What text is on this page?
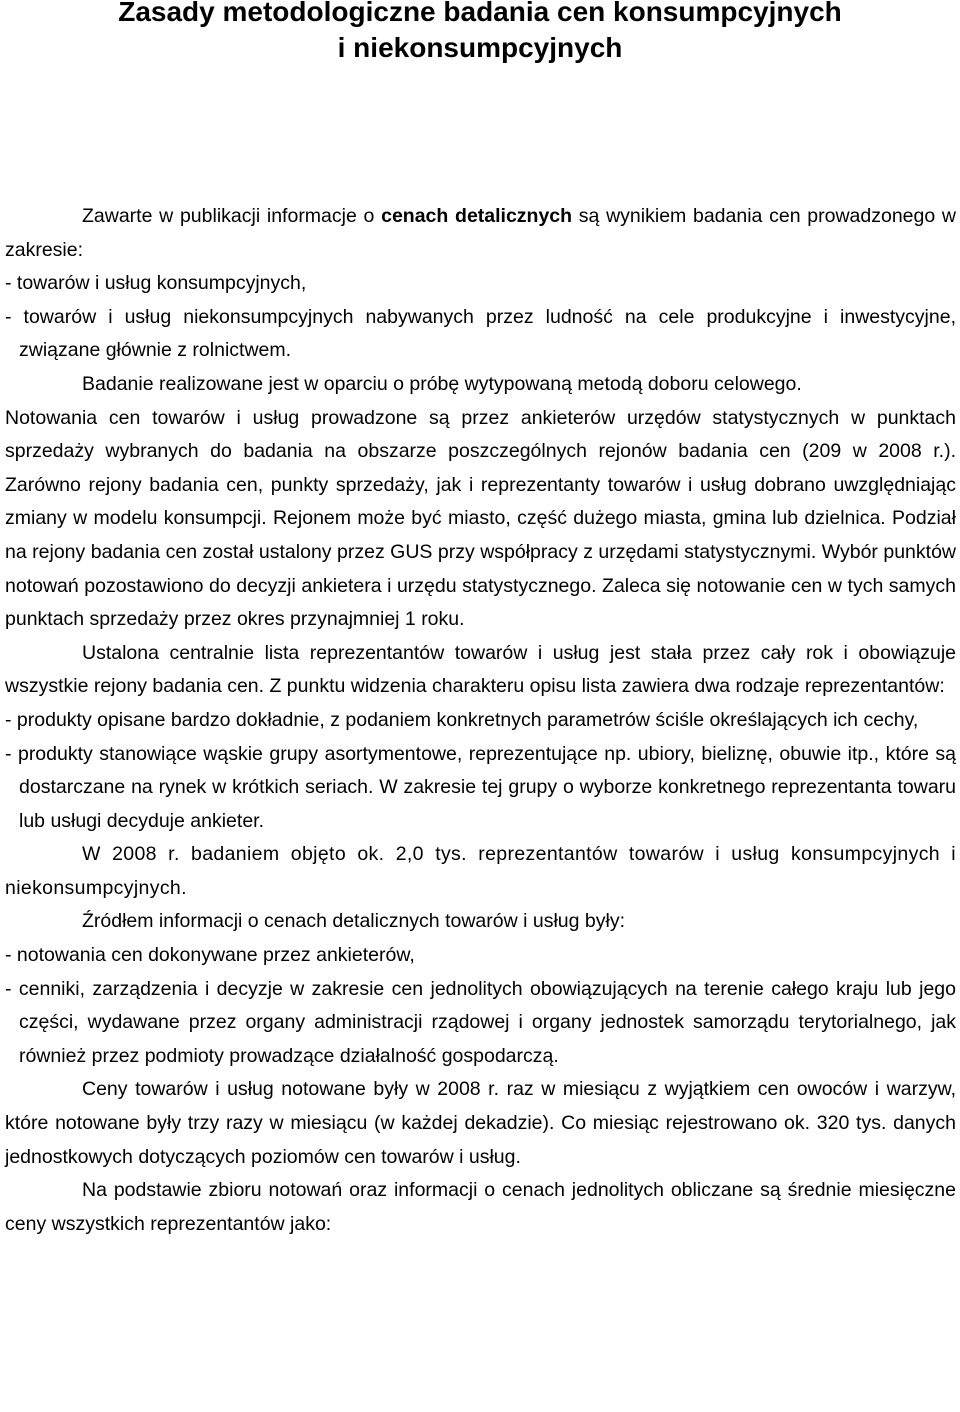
Zasady metodologiczne badania cen konsumpcyjnych
i niekonsumpcyjnych

Zawarte w publikacji informacje o cenach detalicznych są wynikiem badania cen prowadzonego w zakresie:

- towarów i usług konsumpcyjnych,

- towarów i usług niekonsumpcyjnych nabywanych przez ludność na cele produkcyjne i inwestycyjne, związane głównie z rolnictwem.

Badanie realizowane jest w oparciu o próbę wytypowaną metodą doboru celowego.

Notowania cen towarów i usług prowadzone są przez ankieterów urzędów statystycznych w punktach sprzedaży wybranych do badania na obszarze poszczególnych rejonów badania cen (209 w 2008 r.). Zarówno rejony badania cen, punkty sprzedaży, jak i reprezentanty towarów i usług dobrano uwzględniając zmiany w modelu konsumpcji. Rejonem może być miasto, część dużego miasta, gmina lub dzielnica. Podział na rejony badania cen został ustalony przez GUS przy współpracy z urzędami statystycznymi. Wybór punktów notowań pozostawiono do decyzji ankietera i urzędu statystycznego. Zaleca się notowanie cen w tych samych punktach sprzedaży przez okres przynajmniej 1 roku.

Ustalona centralnie lista reprezentantów towarów i usług jest stała przez cały rok i obowiązuje wszystkie rejony badania cen. Z punktu widzenia charakteru opisu lista zawiera dwa rodzaje reprezentantów:

- produkty opisane bardzo dokładnie, z podaniem konkretnych parametrów ściśle określających ich cechy,

- produkty stanowiące wąskie grupy asortymentowe, reprezentujące np. ubiory, bieliznę, obuwie itp., które są dostarczane na rynek w krótkich seriach. W zakresie tej grupy o wyborze konkretnego reprezentanta towaru lub usługi decyduje ankieter.

W 2008 r. badaniem objęto ok. 2,0 tys. reprezentantów towarów i usług konsumpcyjnych i niekonsumpcyjnych.

Źródłem informacji o cenach detalicznych towarów i usług były:

- notowania cen dokonywane przez ankieterów,

- cenniki, zarządzenia i decyzje w zakresie cen jednolitych obowiązujących na terenie całego kraju lub jego części, wydawane przez organy administracji rządowej i organy jednostek samorządu terytorialnego, jak również przez podmioty prowadzące działalność gospodarczą.

Ceny towarów i usług notowane były w 2008 r. raz w miesiącu z wyjątkiem cen owoców i warzyw, które notowane były trzy razy w miesiącu (w każdej dekadzie). Co miesiąc rejestrowano ok. 320 tys. danych jednostkowych dotyczących poziomów cen towarów i usług.

Na podstawie zbioru notowań oraz informacji o cenach jednolitych obliczane są średnie miesięczne ceny wszystkich reprezentantów jako:
